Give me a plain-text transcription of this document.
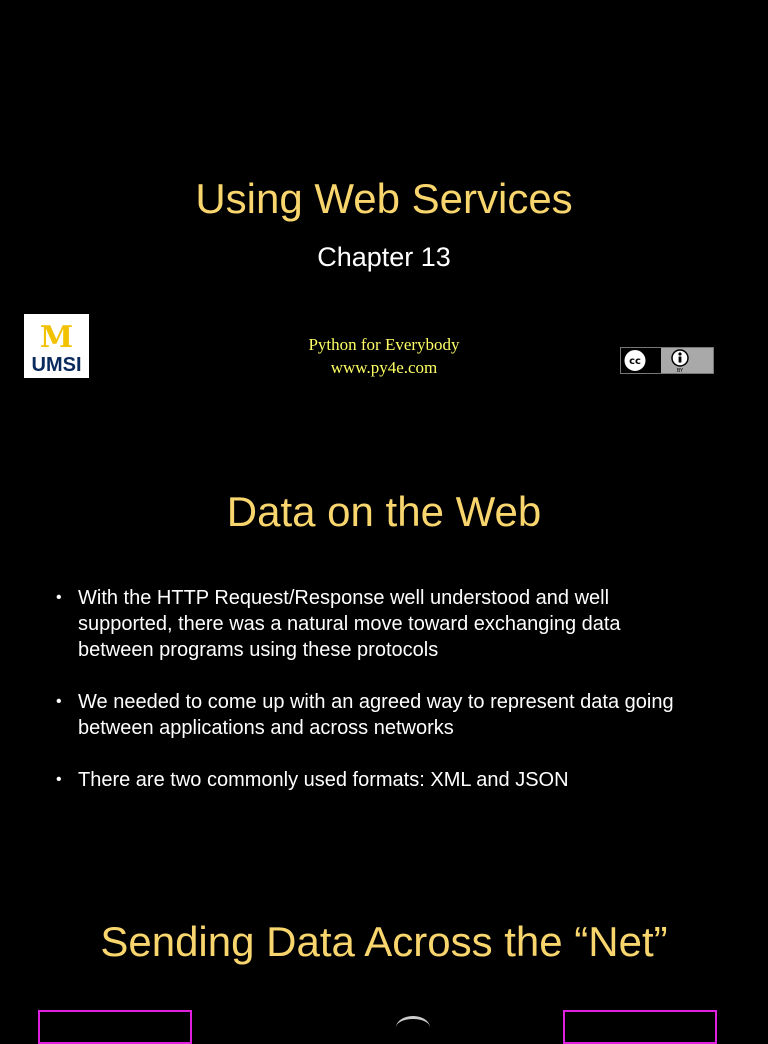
Using Web Services
Chapter 13
M
UMSI
Python for Everybody
www.py4e.com	cc
BY
Data on the Web
• With the HTTP Request/Response well understood and well supported, there was a natural move toward exchanging data between programs using these protocols
• We needed to come up with an agreed way to represent data going between applications and across networks
• There are two commonly used formats: XML and JSON
Sending Data Across the “Net”
